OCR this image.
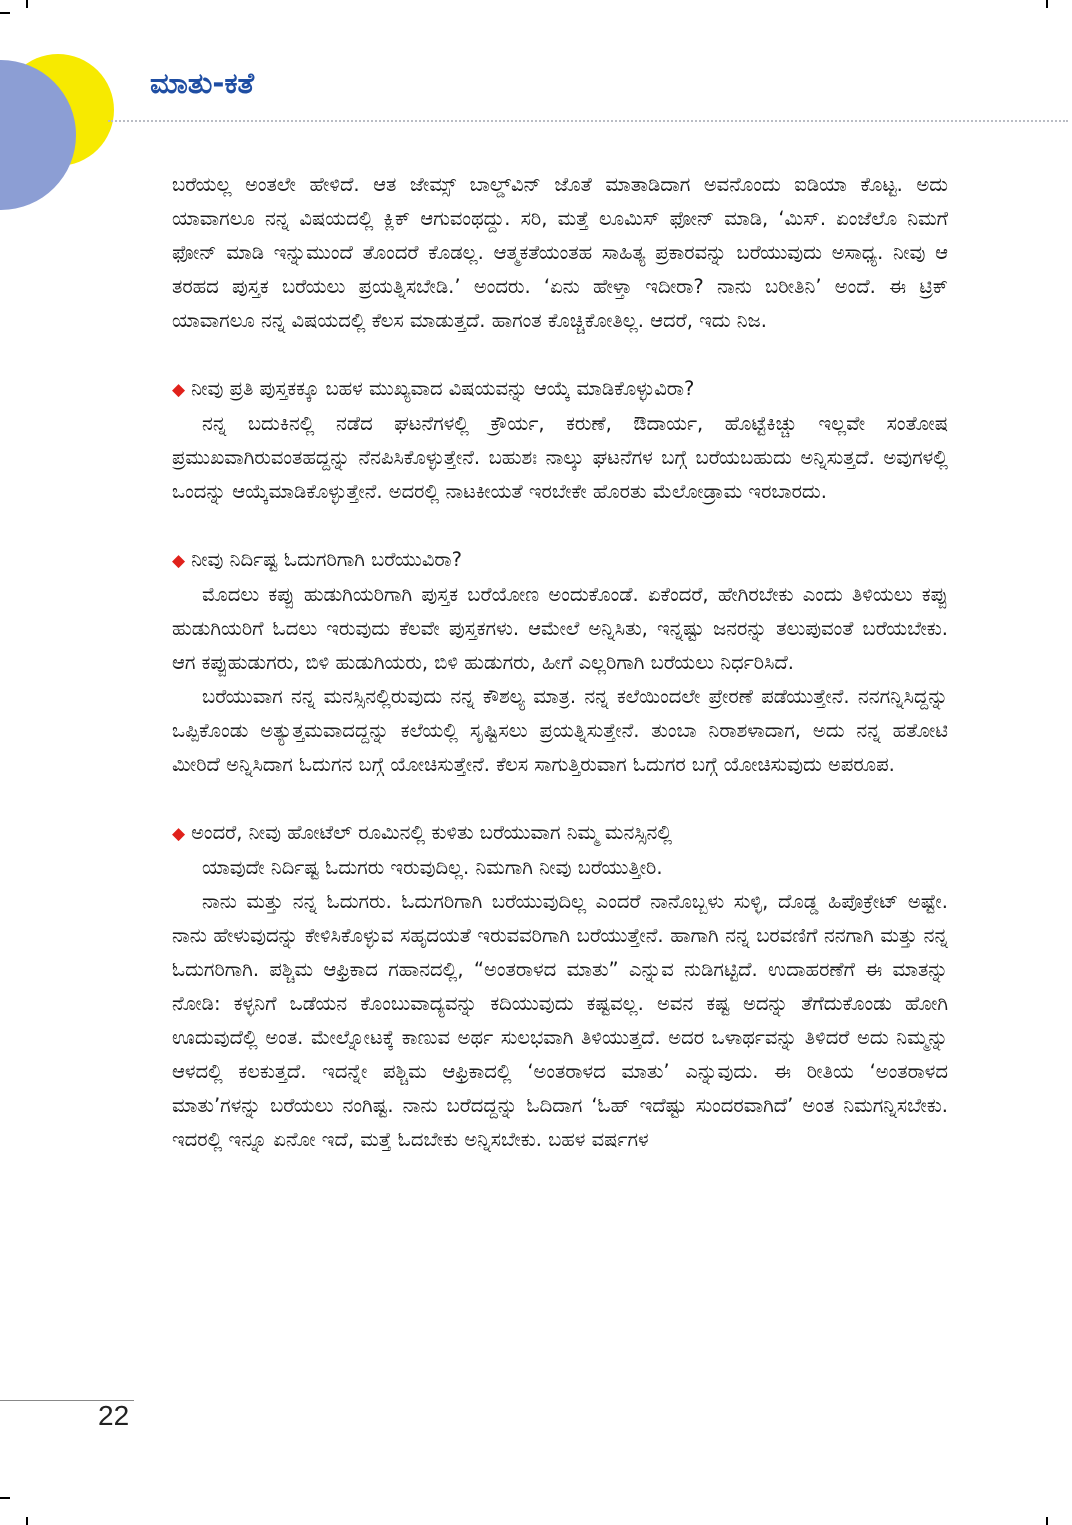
ಮಾತು-ಕತೆ

ಬರೆಯಲ್ಲ ಅಂತಲೇ ಹೇಳಿದೆ. ಆತ ಜೇಮ್ಸ್ ಬಾಲ್ಡ್‌ವಿನ್ ಜೊತೆ ಮಾತಾಡಿದಾಗ ಅವನೊಂದು ಐಡಿಯಾ ಕೊಟ್ಟ. ಅದು ಯಾವಾಗಲೂ ನನ್ನ ವಿಷಯದಲ್ಲಿ ಕ್ಲಿಕ್ ಆಗುವಂಥದ್ದು. ಸರಿ, ಮತ್ತೆ ಲೂಮಿಸ್ ಫೋನ್ ಮಾಡಿ, ‘ಮಿಸ್. ಏಂಜೆಲೊ ನಿಮಗೆ ಫೋನ್ ಮಾಡಿ ಇನ್ನುಮುಂದೆ ತೊಂದರೆ ಕೊಡಲ್ಲ. ಆತ್ಮಕತೆಯಂತಹ ಸಾಹಿತ್ಯ ಪ್ರಕಾರವನ್ನು ಬರೆಯುವುದು ಅಸಾಧ್ಯ. ನೀವು ಆ ತರಹದ ಪುಸ್ತಕ ಬರೆಯಲು ಪ್ರಯತ್ನಿಸಬೇಡಿ.’ ಅಂದರು. ‘ಏನು ಹೇಳ್ತಾ ಇದೀರಾ? ನಾನು ಬರೀತಿನಿ’ ಅಂದೆ. ಈ ಟ್ರಿಕ್ ಯಾವಾಗಲೂ ನನ್ನ ವಿಷಯದಲ್ಲಿ ಕೆಲಸ ಮಾಡುತ್ತದೆ. ಹಾಗಂತ ಕೊಚ್ಚಿಕೋತಿಲ್ಲ. ಆದರೆ, ಇದು ನಿಜ.

◆ ನೀವು ಪ್ರತಿ ಪುಸ್ತಕಕ್ಕೂ ಬಹಳ ಮುಖ್ಯವಾದ ವಿಷಯವನ್ನು ಆಯ್ಕೆ ಮಾಡಿಕೊಳ್ಳುವಿರಾ?

ನನ್ನ ಬದುಕಿನಲ್ಲಿ ನಡೆದ ಘಟನೆಗಳಲ್ಲಿ ಕ್ರೌರ್ಯ, ಕರುಣೆ, ಔದಾರ್ಯ, ಹೊಟ್ಟೆಕಿಚ್ಚು ಇಲ್ಲವೇ ಸಂತೋಷ ಪ್ರಮುಖವಾಗಿರುವಂತಹದ್ದನ್ನು ನೆನಪಿಸಿಕೊಳ್ಳುತ್ತೇನೆ. ಬಹುಶಃ ನಾಲ್ಕು ಘಟನೆಗಳ ಬಗ್ಗೆ ಬರೆಯಬಹುದು ಅನ್ನಿಸುತ್ತದೆ. ಅವುಗಳಲ್ಲಿ ಒಂದನ್ನು ಆಯ್ಕೆಮಾಡಿಕೊಳ್ಳುತ್ತೇನೆ. ಅದರಲ್ಲಿ ನಾಟಕೀಯತೆ ಇರಬೇಕೇ ಹೊರತು ಮೆಲೋಡ್ರಾಮ ಇರಬಾರದು.

◆ ನೀವು ನಿರ್ದಿಷ್ಟ ಓದುಗರಿಗಾಗಿ ಬರೆಯುವಿರಾ?

ಮೊದಲು ಕಪ್ಪು ಹುಡುಗಿಯರಿಗಾಗಿ ಪುಸ್ತಕ ಬರೆಯೋಣ ಅಂದುಕೊಂಡೆ. ಏಕೆಂದರೆ, ಹೇಗಿರಬೇಕು ಎಂದು ತಿಳಿಯಲು ಕಪ್ಪು ಹುಡುಗಿಯರಿಗೆ ಓದಲು ಇರುವುದು ಕೆಲವೇ ಪುಸ್ತಕಗಳು. ಆಮೇಲೆ ಅನ್ನಿಸಿತು, ಇನ್ನಷ್ಟು ಜನರನ್ನು ತಲುಪುವಂತೆ ಬರೆಯಬೇಕು. ಆಗ ಕಪ್ಪುಹುಡುಗರು, ಬಿಳಿ ಹುಡುಗಿಯರು, ಬಿಳಿ ಹುಡುಗರು, ಹೀಗೆ ಎಲ್ಲರಿಗಾಗಿ ಬರೆಯಲು ನಿರ್ಧರಿಸಿದೆ.

ಬರೆಯುವಾಗ ನನ್ನ ಮನಸ್ಸಿನಲ್ಲಿರುವುದು ನನ್ನ ಕೌಶಲ್ಯ ಮಾತ್ರ. ನನ್ನ ಕಲೆಯಿಂದಲೇ ಪ್ರೇರಣೆ ಪಡೆಯುತ್ತೇನೆ. ನನಗನ್ನಿಸಿದ್ದನ್ನು ಒಪ್ಪಿಕೊಂಡು ಅತ್ಯುತ್ತಮವಾದದ್ದನ್ನು ಕಲೆಯಲ್ಲಿ ಸೃಷ್ಟಿಸಲು ಪ್ರಯತ್ನಿಸುತ್ತೇನೆ. ತುಂಬಾ ನಿರಾಶಳಾದಾಗ, ಅದು ನನ್ನ ಹತೋಟಿ ಮೀರಿದೆ ಅನ್ನಿಸಿದಾಗ ಓದುಗನ ಬಗ್ಗೆ ಯೋಚಿಸುತ್ತೇನೆ. ಕೆಲಸ ಸಾಗುತ್ತಿರುವಾಗ ಓದುಗರ ಬಗ್ಗೆ ಯೋಚಿಸುವುದು ಅಪರೂಪ.

◆ ಅಂದರೆ, ನೀವು ಹೋಟೆಲ್ ರೂಮಿನಲ್ಲಿ ಕುಳಿತು ಬರೆಯುವಾಗ ನಿಮ್ಮ ಮನಸ್ಸಿನಲ್ಲಿ

ಯಾವುದೇ ನಿರ್ದಿಷ್ಟ ಓದುಗರು ಇರುವುದಿಲ್ಲ. ನಿಮಗಾಗಿ ನೀವು ಬರೆಯುತ್ತೀರಿ.

ನಾನು ಮತ್ತು ನನ್ನ ಓದುಗರು. ಓದುಗರಿಗಾಗಿ ಬರೆಯುವುದಿಲ್ಲ ಎಂದರೆ ನಾನೊಬ್ಬಳು ಸುಳ್ಳಿ, ದೊಡ್ಡ ಹಿಪೊಕ್ರೇಟ್ ಅಷ್ಟೇ. ನಾನು ಹೇಳುವುದನ್ನು ಕೇಳಿಸಿಕೊಳ್ಳುವ ಸಹೃದಯತೆ ಇರುವವರಿಗಾಗಿ ಬರೆಯುತ್ತೇನೆ. ಹಾಗಾಗಿ ನನ್ನ ಬರವಣಿಗೆ ನನಗಾಗಿ ಮತ್ತು ನನ್ನ ಓದುಗರಿಗಾಗಿ. ಪಶ್ಚಿಮ ಆಫ್ರಿಕಾದ ಗಹಾನದಲ್ಲಿ, “ಅಂತರಾಳದ ಮಾತು” ಎನ್ನುವ ನುಡಿಗಟ್ಟಿದೆ. ಉದಾಹರಣೆಗೆ ಈ ಮಾತನ್ನು ನೋಡಿ: ಕಳ್ಳನಿಗೆ ಒಡೆಯನ ಕೊಂಬುವಾದ್ಯವನ್ನು ಕದಿಯುವುದು ಕಷ್ಟವಲ್ಲ. ಅವನ ಕಷ್ಟ ಅದನ್ನು ತೆಗೆದುಕೊಂಡು ಹೋಗಿ ಊದುವುದೆಲ್ಲಿ ಅಂತ. ಮೇಲ್ನೋಟಕ್ಕೆ ಕಾಣುವ ಅರ್ಥ ಸುಲಭವಾಗಿ ತಿಳಿಯುತ್ತದೆ. ಅದರ ಒಳಾರ್ಥವನ್ನು ತಿಳಿದರೆ ಅದು ನಿಮ್ಮನ್ನು ಆಳದಲ್ಲಿ ಕಲಕುತ್ತದೆ. ಇದನ್ನೇ ಪಶ್ಚಿಮ ಆಫ್ರಿಕಾದಲ್ಲಿ ‘ಅಂತರಾಳದ ಮಾತು’ ಎನ್ನುವುದು. ಈ ರೀತಿಯ ‘ಅಂತರಾಳದ ಮಾತು’ಗಳನ್ನು ಬರೆಯಲು ನಂಗಿಷ್ಟ. ನಾನು ಬರೆದದ್ದನ್ನು ಓದಿದಾಗ ‘ಓಹ್ ಇದೆಷ್ಟು ಸುಂದರವಾಗಿದೆ’ ಅಂತ ನಿಮಗನ್ನಿಸಬೇಕು. ಇದರಲ್ಲಿ ಇನ್ನೂ ಏನೋ ಇದೆ, ಮತ್ತೆ ಓದಬೇಕು ಅನ್ನಿಸಬೇಕು. ಬಹಳ ವರ್ಷಗಳ

22
